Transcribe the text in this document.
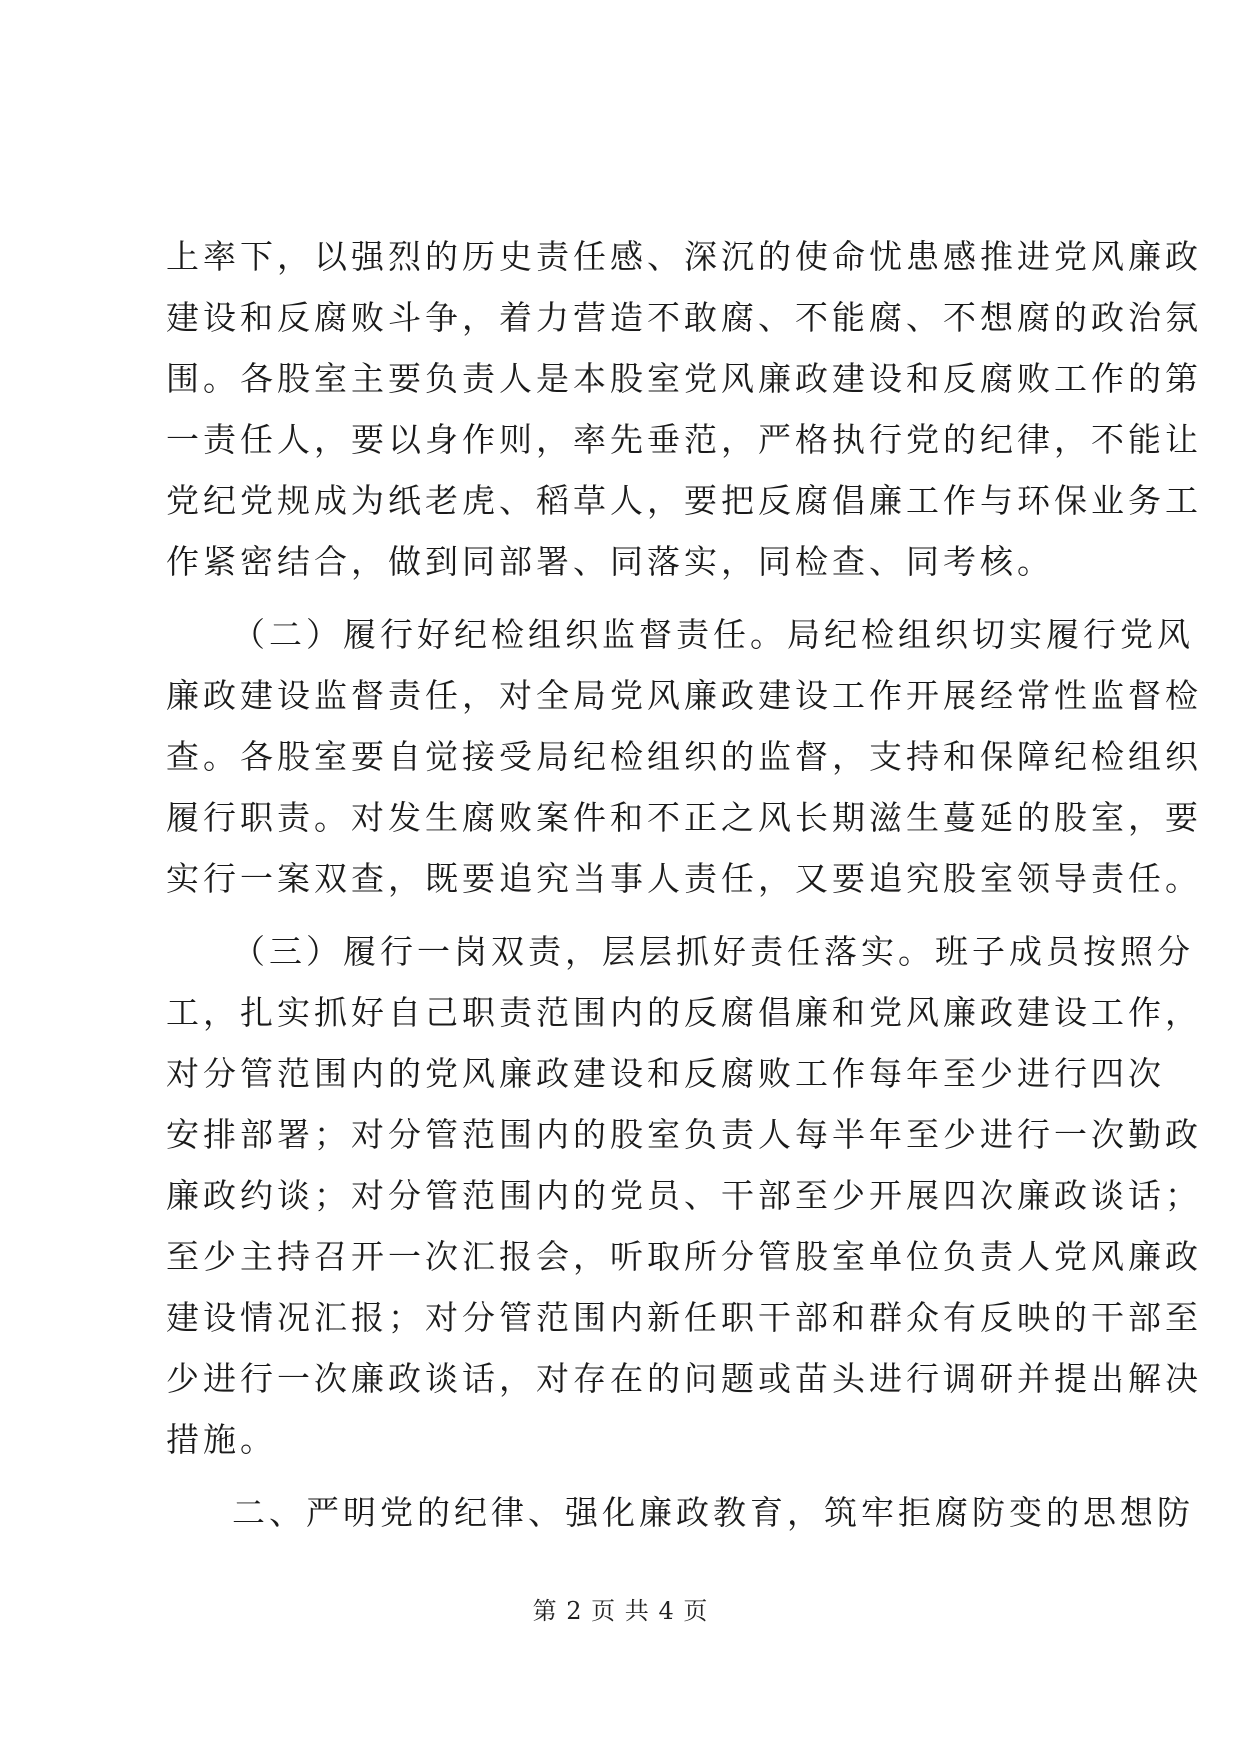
上率下，以强烈的历史责任感、深沉的使命忧患感推进党风廉政
建设和反腐败斗争，着力营造不敢腐、不能腐、不想腐的政治氛
围。各股室主要负责人是本股室党风廉政建设和反腐败工作的第
一责任人，要以身作则，率先垂范，严格执行党的纪律，不能让
党纪党规成为纸老虎、稻草人，要把反腐倡廉工作与环保业务工
作紧密结合，做到同部署、同落实，同检查、同考核。
（二）履行好纪检组织监督责任。局纪检组织切实履行党风
廉政建设监督责任，对全局党风廉政建设工作开展经常性监督检
查。各股室要自觉接受局纪检组织的监督，支持和保障纪检组织
履行职责。对发生腐败案件和不正之风长期滋生蔓延的股室，要
实行一案双查，既要追究当事人责任，又要追究股室领导责任。
（三）履行一岗双责，层层抓好责任落实。班子成员按照分
工，扎实抓好自己职责范围内的反腐倡廉和党风廉政建设工作，
对分管范围内的党风廉政建设和反腐败工作每年至少进行四次
安排部署；对分管范围内的股室负责人每半年至少进行一次勤政
廉政约谈；对分管范围内的党员、干部至少开展四次廉政谈话；
至少主持召开一次汇报会，听取所分管股室单位负责人党风廉政
建设情况汇报；对分管范围内新任职干部和群众有反映的干部至
少进行一次廉政谈话，对存在的问题或苗头进行调研并提出解决
措施。
二、严明党的纪律、强化廉政教育，筑牢拒腐防变的思想防
第 2 页 共 4 页
